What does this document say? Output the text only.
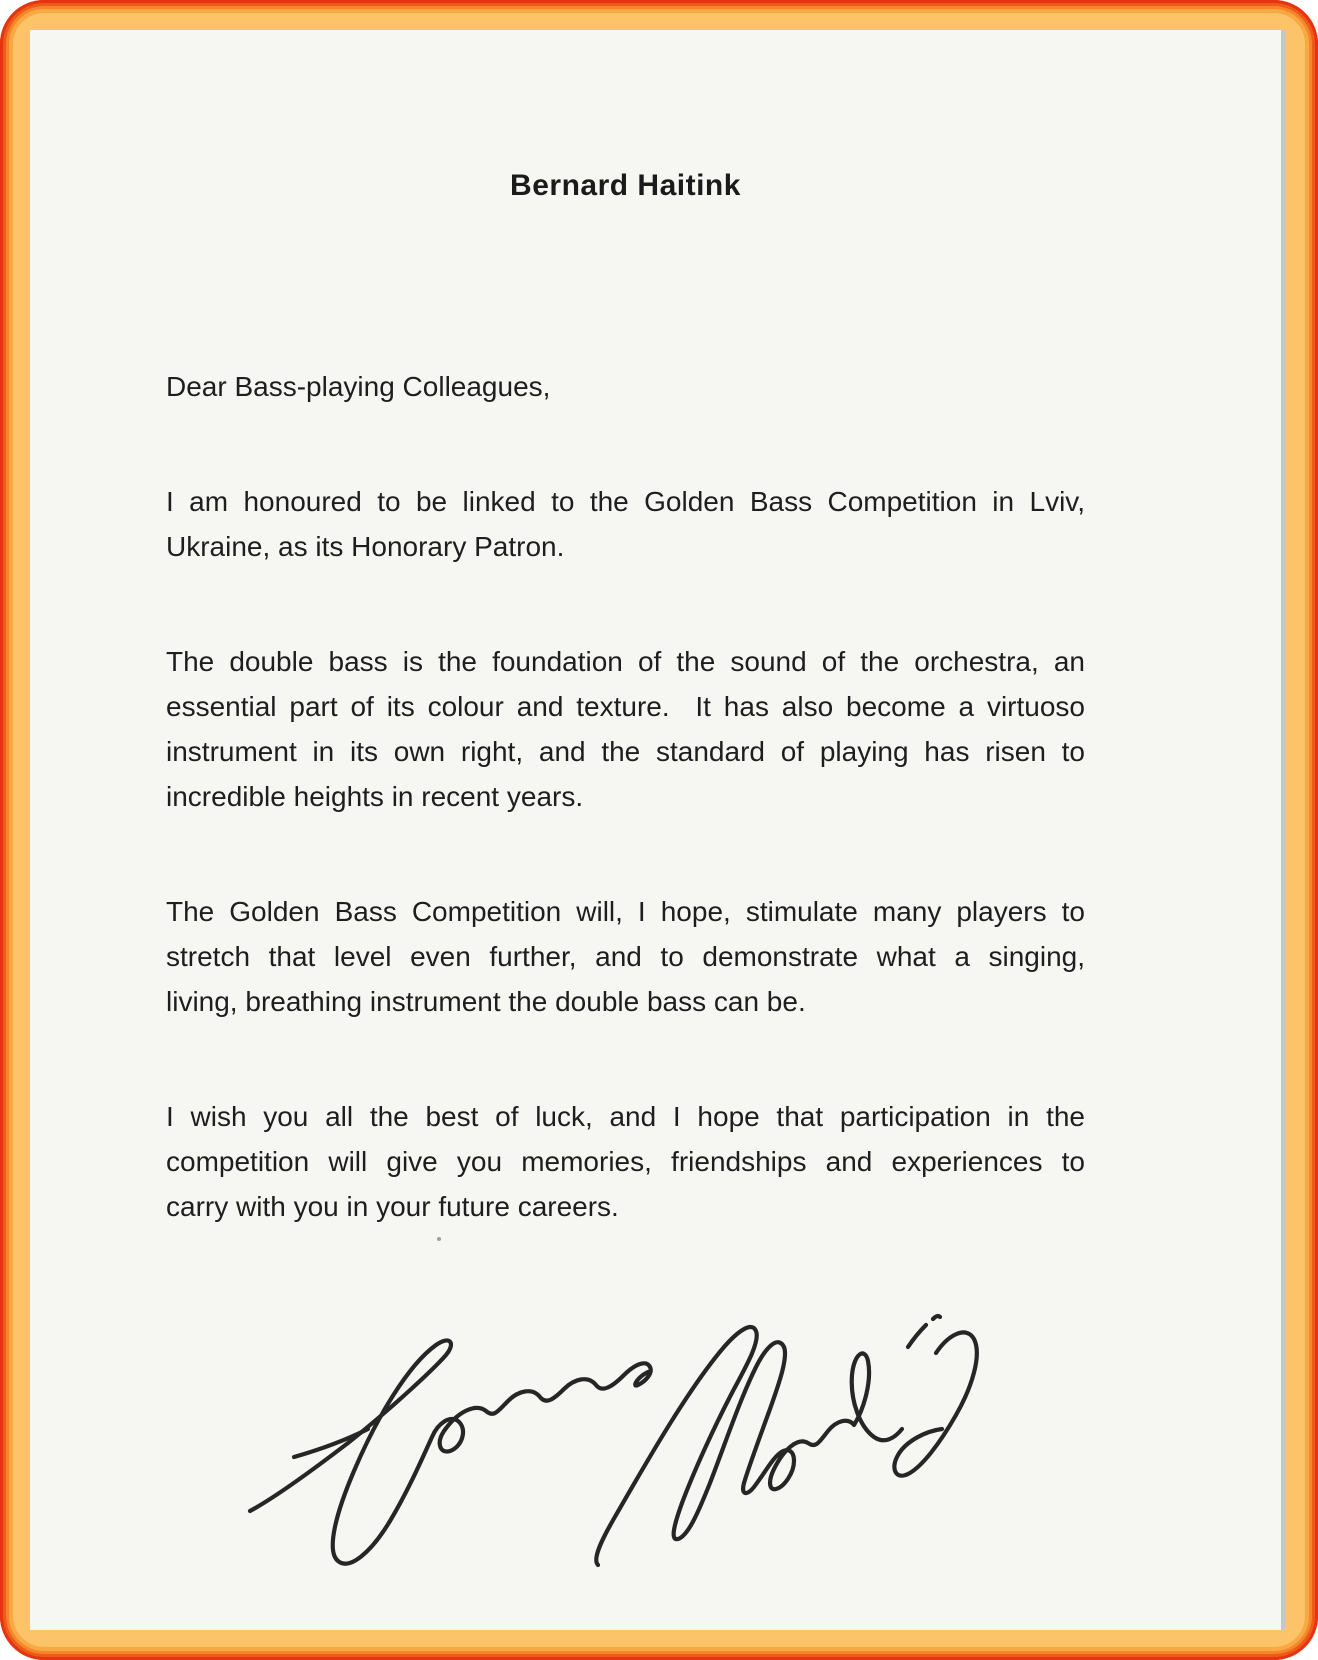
Bernard Haitink
Dear Bass-playing Colleagues,
I am honoured to be linked to the Golden Bass Competition in Lviv,
Ukraine, as its Honorary Patron.
The double bass is the foundation of the sound of the orchestra, an
essential part of its colour and texture.  It has also become a virtuoso
instrument in its own right, and the standard of playing has risen to
incredible heights in recent years.
The Golden Bass Competition will, I hope, stimulate many players to
stretch that level even further, and to demonstrate what a singing,
living, breathing instrument the double bass can be.
I wish you all the best of luck, and I hope that participation in the
competition will give you memories, friendships and experiences to
carry with you in your future careers.
